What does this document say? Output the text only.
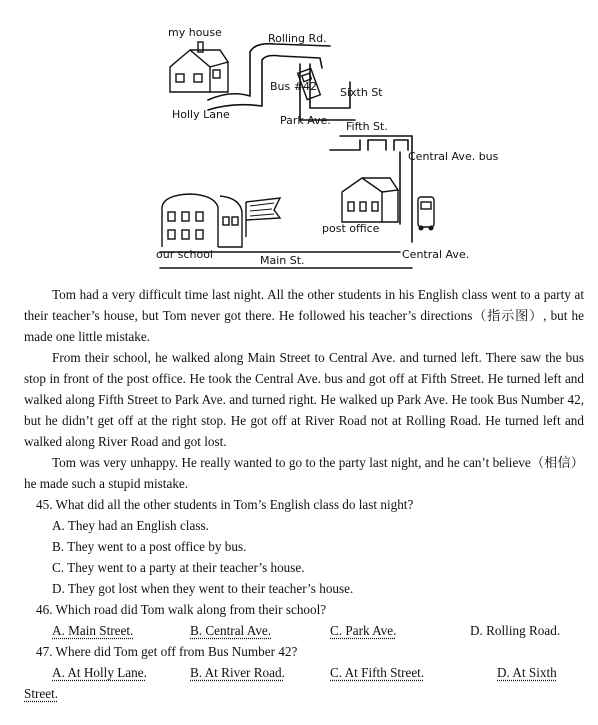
my house	Rolling Rd.
Bus #42 Sixth St
Holly Lane	Park Ave. Fifth St.
Central Ave. bus
post office
our school	Main St.	Central Ave.

Tom had a very difficult time last night. All the other students in his English class went to a party at their teacher’s house, but Tom never got there. He followed his teacher’s directions（指示图）, but he made one little mistake.

From their school, he walked along Main Street to Central Ave. and turned left. There saw the bus stop in front of the post office. He took the Central Ave. bus and got off at Fifth Street. He turned left and walked along Fifth Street to Park Ave. and turned right. He walked up Park Ave. He took Bus Number 42, but he didn’t get off at the right stop. He got off at River Road not at Rolling Road. He turned left and walked along River Road and got lost.

Tom was very unhappy. He really wanted to go to the party last night, and he can’t believe（相信）he made such a stupid mistake.

45. What did all the other students in Tom’s English class do last night?
A. They had an English class.
B. They went to a post office by bus.
C. They went to a party at their teacher’s house.
D. They got lost when they went to their teacher’s house.
46. Which road did Tom walk along from their school?
A. Main Street.	B. Central Ave.	C. Park Ave.	D. Rolling Road.
47. Where did Tom get off from Bus Number 42?
A. At Holly Lane.	B. At River Road.	C. At Fifth Street.	D. At Sixth
Street.
